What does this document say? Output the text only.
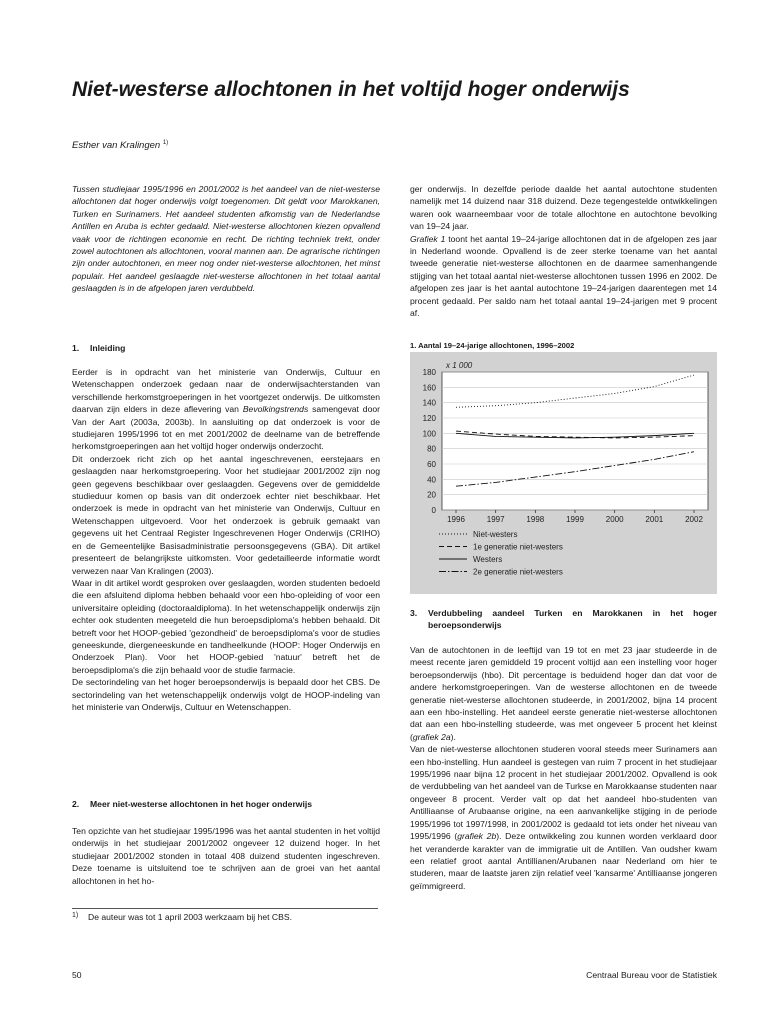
Niet-westerse allochtonen in het voltijd hoger onderwijs
Esther van Kralingen $^{1)}$

Tussen studiejaar 1995/1996 en 2001/2002 is het aandeel van de niet-westerse allochtonen dat hoger onderwijs volgt toegenomen. Dit geldt voor Marokkanen, Turken en Surinamers. Het aandeel studenten afkomstig van de Nederlandse Antillen en Aruba is echter gedaald. Niet-westerse allochtonen kiezen opvallend vaak voor de richtingen economie en recht. De richting techniek trekt, onder zowel autochtonen als allochtonen, vooral mannen aan. De agrarische richtingen zijn onder autochtonen, en meer nog onder niet-westerse allochtonen, het minst populair. Het aandeel geslaagde niet-westerse allochtonen in het totaal aantal geslaagden is in de afgelopen jaren verdubbeld.

1.	Inleiding

Eerder is in opdracht van het ministerie van Onderwijs, Cultuur en Wetenschappen onderzoek gedaan naar de onderwijsachterstanden van verschillende herkomstgroeperingen in het voortgezet onderwijs. De uitkomsten daarvan zijn elders in deze aflevering van Bevolkingstrends samengevat door Van der Aart (2003a, 2003b). In aansluiting op dat onderzoek is voor de studiejaren 1995/1996 tot en met 2001/2002 de deelname van de betreffende herkomstgroeperingen aan het voltijd hoger onderwijs onderzocht.

Dit onderzoek richt zich op het aantal ingeschrevenen, eerstejaars en geslaagden naar herkomstgroepering. Voor het studiejaar 2001/2002 zijn nog geen gegevens beschikbaar over geslaagden. Gegevens over de gemiddelde studieduur komen op basis van dit onderzoek echter niet beschikbaar. Het onderzoek is mede in opdracht van het ministerie van Onderwijs, Cultuur en Wetenschappen uitgevoerd. Voor het onderzoek is gebruik gemaakt van gegevens uit het Centraal Register Ingeschrevenen Hoger Onderwijs (CRIHO) en de Gemeentelijke Basisadministratie persoonsgegevens (GBA). Dit artikel presenteert de belangrijkste uitkomsten. Voor gedetailleerde informatie wordt verwezen naar Van Kralingen (2003).

Waar in dit artikel wordt gesproken over geslaagden, worden studenten bedoeld die een afsluitend diploma hebben behaald voor een hbo-opleiding of voor een universitaire opleiding (doctoraaldiploma). In het wetenschappelijk onderwijs zijn echter ook studenten meegeteld die hun beroepsdiploma's hebben behaald. Dit betreft voor het HOOP-gebied 'gezondheid' de beroepsdiploma's voor de studies geneeskunde, diergeneeskunde en tandheelkunde (HOOP: Hoger Onderwijs en Onderzoek Plan). Voor het HOOP-gebied 'natuur' betreft het de beroepsdiploma's die zijn behaald voor de studie farmacie.

De sectorindeling van het hoger beroepsonderwijs is bepaald door het CBS. De sectorindeling van het wetenschappelijk onderwijs volgt de HOOP-indeling van het ministerie van Onderwijs, Cultuur en Wetenschappen.

2.	Meer niet-westerse allochtonen in het hoger onderwijs

Ten opzichte van het studiejaar 1995/1996 was het aantal studenten in het voltijd onderwijs in het studiejaar 2001/2002 ongeveer 12 duizend hoger. In het studiejaar 2001/2002 stonden in totaal 408 duizend studenten ingeschreven. Deze toename is uitsluitend toe te schrijven aan de groei van het aantal allochtonen in het ho-

1)	De auteur was tot 1 april 2003 werkzaam bij het CBS.

ger onderwijs. In dezelfde periode daalde het aantal autochtone studenten namelijk met 14 duizend naar 318 duizend. Deze tegengestelde ontwikkelingen waren ook waarneembaar voor de totale allochtone en autochtone bevolking van 19–24 jaar.

Grafiek 1 toont het aantal 19–24-jarige allochtonen dat in de afgelopen zes jaar in Nederland woonde. Opvallend is de zeer sterke toename van het aantal tweede generatie niet-westerse allochtonen en de daarmee samenhangende stijging van het totaal aantal niet-westerse allochtonen tussen 1996 en 2002. De afgelopen zes jaar is het aantal autochtone 19–24-jarigen daarentegen met 14 procent gedaald. Per saldo nam het totaal aantal 19–24-jarigen met 9 procent af.

1. Aantal 19–24-jarige allochtonen, 1996–2002
0
20
40
60
80
100
120
140
160
180
1996	1997	1998	1999	2000	2001	2002
x 1 000
Niet-westers
1e generatie niet-westers
Westers
2e generatie niet-westers

3.	Verdubbeling aandeel Turken en Marokkanen in het hoger beroepsonderwijs

Van de autochtonen in de leeftijd van 19 tot en met 23 jaar studeerde in de meest recente jaren gemiddeld 19 procent voltijd aan een instelling voor hoger beroepsonderwijs (hbo). Dit percentage is beduidend hoger dan dat voor de andere herkomstgroeperingen. Van de westerse allochtonen en de tweede generatie niet-westerse allochtonen studeerde, in 2001/2002, bijna 14 procent aan een hbo-instelling. Het aandeel eerste generatie niet-westerse allochtonen dat aan een hbo-instelling studeerde, was met ongeveer 5 procent het kleinst (grafiek 2a).

Van de niet-westerse allochtonen studeren vooral steeds meer Surinamers aan een hbo-instelling. Hun aandeel is gestegen van ruim 7 procent in het studiejaar 1995/1996 naar bijna 12 procent in het studiejaar 2001/2002. Opvallend is ook de verdubbeling van het aandeel van de Turkse en Marokkaanse studenten naar ongeveer 8 procent. Verder valt op dat het aandeel hbo-studenten van Antilliaanse of Arubaanse origine, na een aanvankelijke stijging in de periode 1995/1996 tot 1997/1998, in 2001/2002 is gedaald tot iets onder het niveau van 1995/1996 (grafiek 2b). Deze ontwikkeling zou kunnen worden verklaard door het veranderde karakter van de immigratie uit de Antillen. Van oudsher kwam een relatief groot aantal Antillianen/Arubanen naar Nederland om hier te studeren, maar de laatste jaren zijn relatief veel 'kansarme' Antilliaanse jongeren geïmmigreerd.

50	Centraal Bureau voor de Statistiek
